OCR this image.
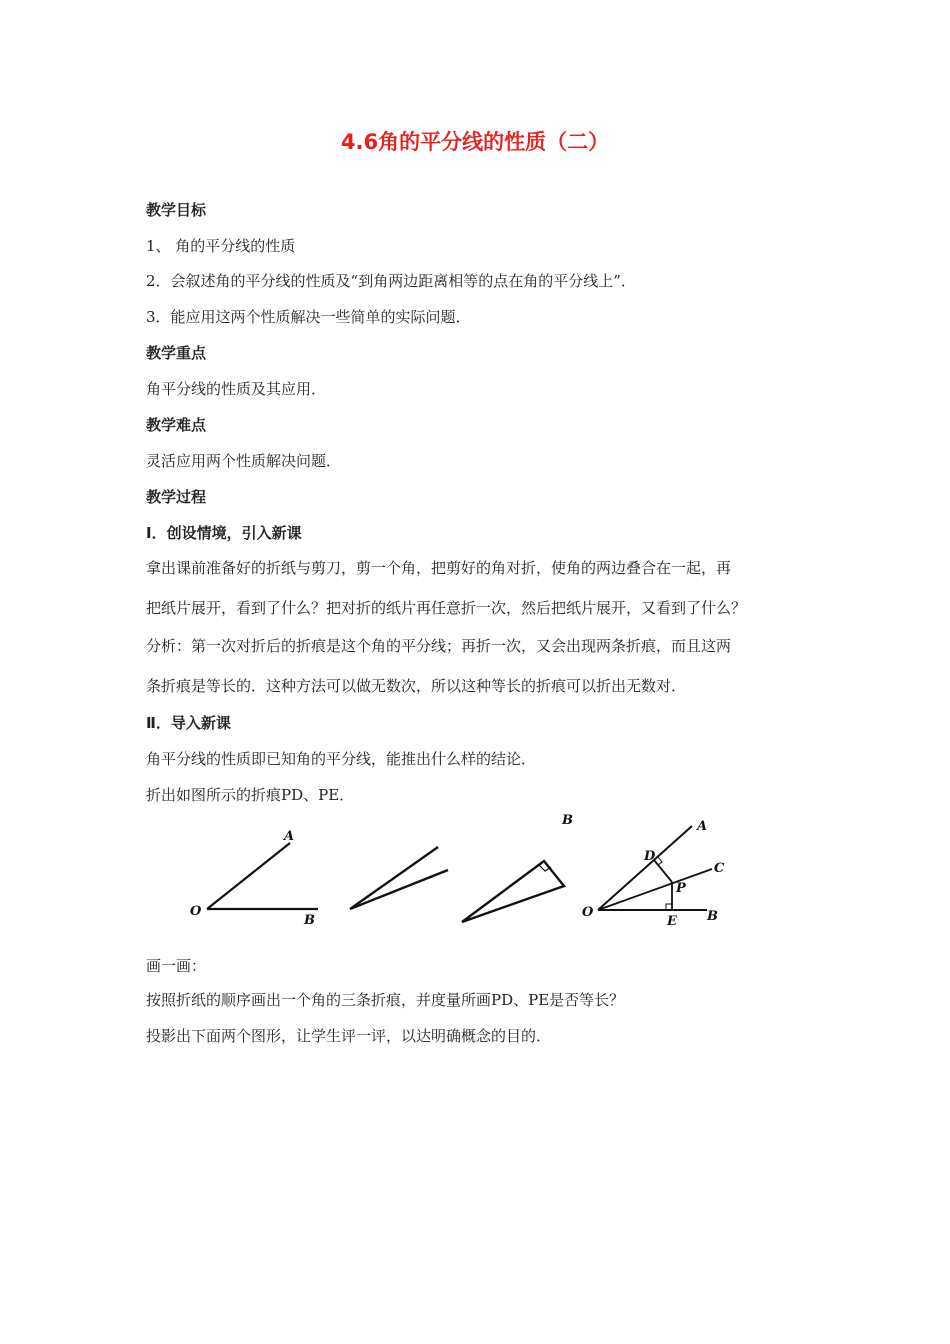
4.6角的平分线的性质（二）
教学目标
1、 角的平分线的性质
2．会叙述角的平分线的性质及“到角两边距离相等的点在角的平分线上”．
3．能应用这两个性质解决一些简单的实际问题．
教学重点
角平分线的性质及其应用．
教学难点
灵活应用两个性质解决问题．
教学过程
Ⅰ．创设情境，引入新课
拿出课前准备好的折纸与剪刀，剪一个角，把剪好的角对折，使角的两边叠合在一起，再
把纸片展开，看到了什么？把对折的纸片再任意折一次，然后把纸片展开，又看到了什么？
分析：第一次对折后的折痕是这个角的平分线；再折一次，又会出现两条折痕，而且这两
条折痕是等长的．这种方法可以做无数次，所以这种等长的折痕可以折出无数对．
Ⅱ．导入新课
角平分线的性质即已知角的平分线，能推出什么样的结论．
折出如图所示的折痕PD、PE．
O
A
B
B
O
A
B
C
D
E
P
画一画：
按照折纸的顺序画出一个角的三条折痕，并度量所画PD、PE是否等长？
投影出下面两个图形，让学生评一评，以达明确概念的目的．
